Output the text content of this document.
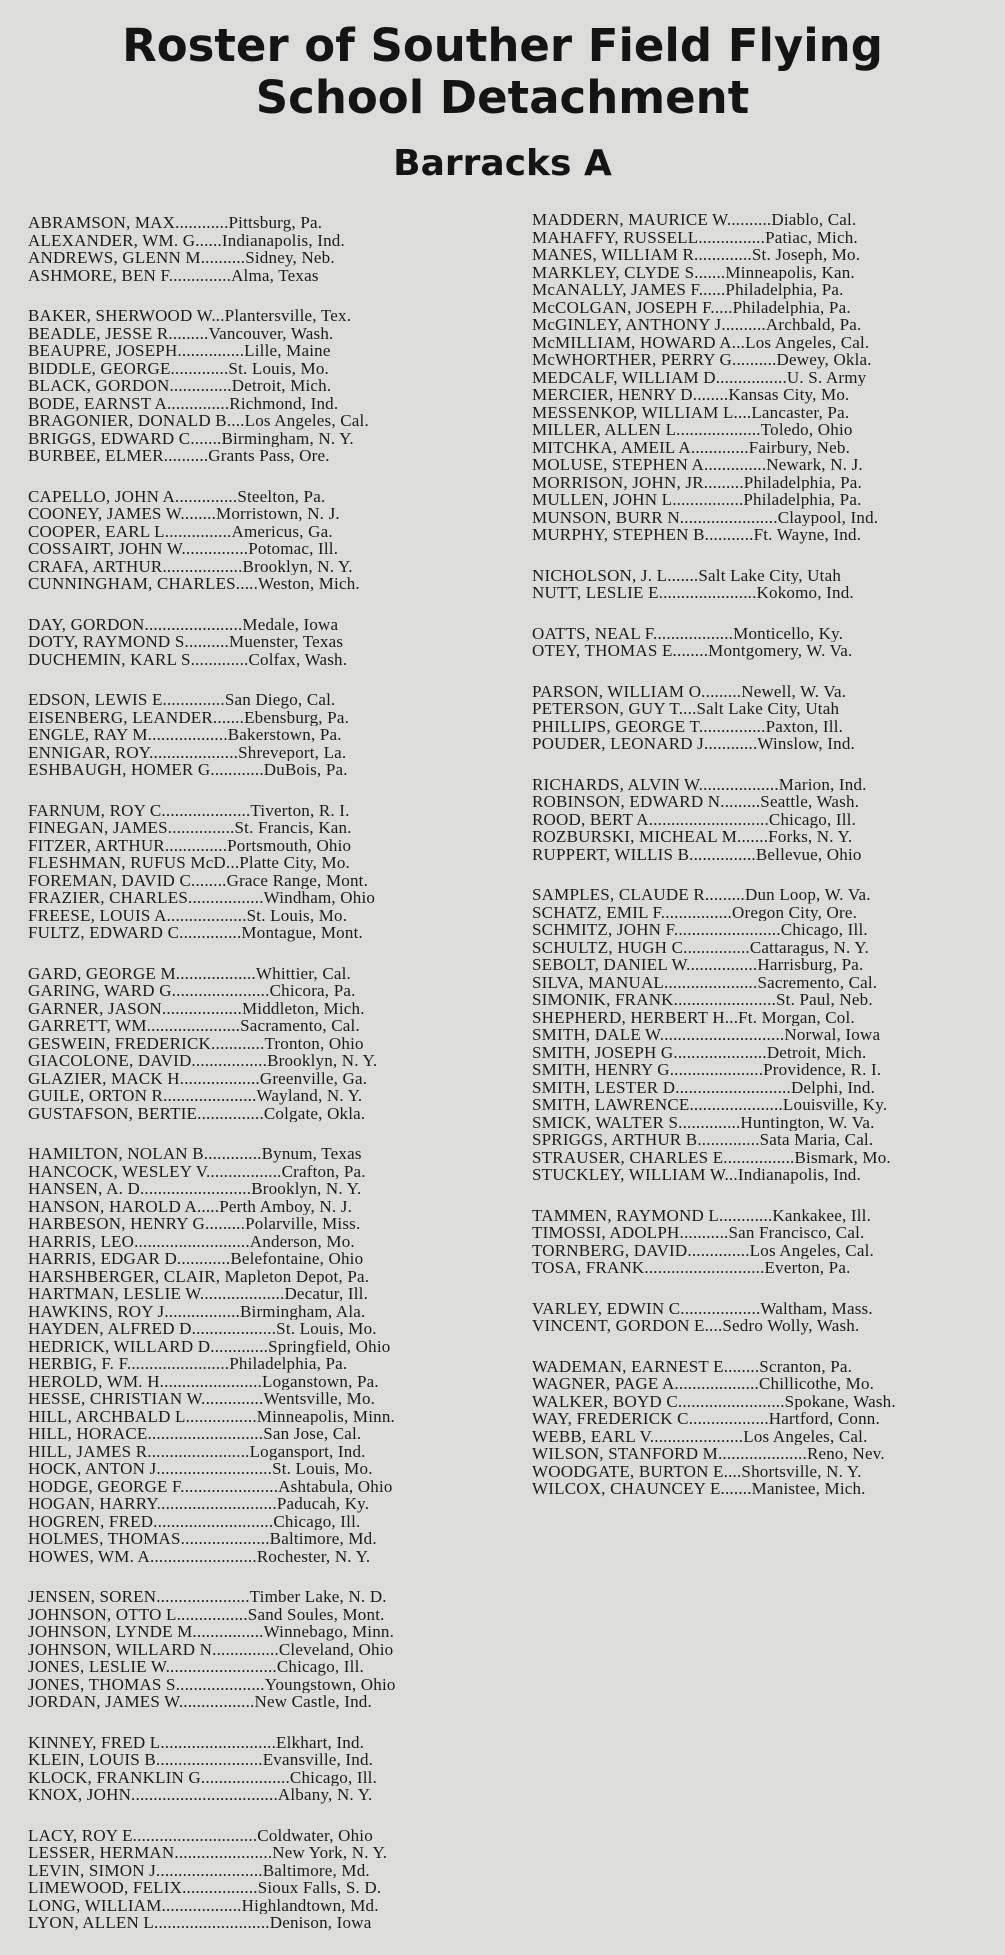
Roster of Souther Field Flying
School Detachment
Barracks A
ABRAMSON, MAX............Pittsburg, Pa.
ALEXANDER, WM. G......Indianapolis, Ind.
ANDREWS, GLENN M..........Sidney, Neb.
ASHMORE, BEN F..............Alma, Texas
BAKER, SHERWOOD W...Plantersville, Tex.
BEADLE, JESSE R.........Vancouver, Wash.
BEAUPRE, JOSEPH...............Lille, Maine
BIDDLE, GEORGE.............St. Louis, Mo.
BLACK, GORDON..............Detroit, Mich.
BODE, EARNST A..............Richmond, Ind.
BRAGONIER, DONALD B....Los Angeles, Cal.
BRIGGS, EDWARD C.......Birmingham, N. Y.
BURBEE, ELMER..........Grants Pass, Ore.
CAPELLO, JOHN A..............Steelton, Pa.
COONEY, JAMES W........Morristown, N. J.
COOPER, EARL L...............Americus, Ga.
COSSAIRT, JOHN W...............Potomac, Ill.
CRAFA, ARTHUR..................Brooklyn, N. Y.
CUNNINGHAM, CHARLES.....Weston, Mich.
DAY, GORDON......................Medale, Iowa
DOTY, RAYMOND S..........Muenster, Texas
DUCHEMIN, KARL S.............Colfax, Wash.
EDSON, LEWIS E..............San Diego, Cal.
EISENBERG, LEANDER.......Ebensburg, Pa.
ENGLE, RAY M..................Bakerstown, Pa.
ENNIGAR, ROY....................Shreveport, La.
ESHBAUGH, HOMER G............DuBois, Pa.
FARNUM, ROY C....................Tiverton, R. I.
FINEGAN, JAMES...............St. Francis, Kan.
FITZER, ARTHUR..............Portsmouth, Ohio
FLESHMAN, RUFUS McD...Platte City, Mo.
FOREMAN, DAVID C........Grace Range, Mont.
FRAZIER, CHARLES.................Windham, Ohio
FREESE, LOUIS A..................St. Louis, Mo.
FULTZ, EDWARD C..............Montague, Mont.
GARD, GEORGE M..................Whittier, Cal.
GARING, WARD G......................Chicora, Pa.
GARNER, JASON..................Middleton, Mich.
GARRETT, WM.....................Sacramento, Cal.
GESWEIN, FREDERICK............Tronton, Ohio
GIACOLONE, DAVID.................Brooklyn, N. Y.
GLAZIER, MACK H..................Greenville, Ga.
GUILE, ORTON R.....................Wayland, N. Y.
GUSTAFSON, BERTIE...............Colgate, Okla.
HAMILTON, NOLAN B.............Bynum, Texas
HANCOCK, WESLEY V.................Crafton, Pa.
HANSEN, A. D.........................Brooklyn, N. Y.
HANSON, HAROLD A.....Perth Amboy, N. J.
HARBESON, HENRY G.........Polarville, Miss.
HARRIS, LEO..........................Anderson, Mo.
HARRIS, EDGAR D............Belefontaine, Ohio
HARSHBERGER, CLAIR, Mapleton Depot, Pa.
HARTMAN, LESLIE W...................Decatur, Ill.
HAWKINS, ROY J.................Birmingham, Ala.
HAYDEN, ALFRED D...................St. Louis, Mo.
HEDRICK, WILLARD D.............Springfield, Ohio
HERBIG, F. F.......................Philadelphia, Pa.
HEROLD, WM. H.......................Loganstown, Pa.
HESSE, CHRISTIAN W..............Wentsville, Mo.
HILL, ARCHBALD L................Minneapolis, Minn.
HILL, HORACE..........................San Jose, Cal.
HILL, JAMES R.......................Logansport, Ind.
HOCK, ANTON J..........................St. Louis, Mo.
HODGE, GEORGE F......................Ashtabula, Ohio
HOGAN, HARRY...........................Paducah, Ky.
HOGREN, FRED...........................Chicago, Ill.
HOLMES, THOMAS....................Baltimore, Md.
HOWES, WM. A........................Rochester, N. Y.
JENSEN, SOREN.....................Timber Lake, N. D.
JOHNSON, OTTO L................Sand Soules, Mont.
JOHNSON, LYNDE M................Winnebago, Minn.
JOHNSON, WILLARD N...............Cleveland, Ohio
JONES, LESLIE W.........................Chicago, Ill.
JONES, THOMAS S....................Youngstown, Ohio
JORDAN, JAMES W.................New Castle, Ind.
KINNEY, FRED L..........................Elkhart, Ind.
KLEIN, LOUIS B........................Evansville, Ind.
KLOCK, FRANKLIN G....................Chicago, Ill.
KNOX, JOHN.................................Albany, N. Y.
LACY, ROY E............................Coldwater, Ohio
LESSER, HERMAN......................New York, N. Y.
LEVIN, SIMON J........................Baltimore, Md.
LIMEWOOD, FELIX.................Sioux Falls, S. D.
LONG, WILLIAM..................Highlandtown, Md.
LYON, ALLEN L..........................Denison, Iowa
MADDERN, MAURICE W..........Diablo, Cal.
MAHAFFY, RUSSELL...............Patiac, Mich.
MANES, WILLIAM R.............St. Joseph, Mo.
MARKLEY, CLYDE S.......Minneapolis, Kan.
McANALLY, JAMES F......Philadelphia, Pa.
McCOLGAN, JOSEPH F.....Philadelphia, Pa.
McGINLEY, ANTHONY J..........Archbald, Pa.
McMILLIAM, HOWARD A...Los Angeles, Cal.
McWHORTHER, PERRY G..........Dewey, Okla.
MEDCALF, WILLIAM D................U. S. Army
MERCIER, HENRY D........Kansas City, Mo.
MESSENKOP, WILLIAM L....Lancaster, Pa.
MILLER, ALLEN L...................Toledo, Ohio
MITCHKA, AMEIL A.............Fairbury, Neb.
MOLUSE, STEPHEN A..............Newark, N. J.
MORRISON, JOHN, JR.........Philadelphia, Pa.
MULLEN, JOHN L................Philadelphia, Pa.
MUNSON, BURR N......................Claypool, Ind.
MURPHY, STEPHEN B...........Ft. Wayne, Ind.
NICHOLSON, J. L.......Salt Lake City, Utah
NUTT, LESLIE E......................Kokomo, Ind.
OATTS, NEAL F..................Monticello, Ky.
OTEY, THOMAS E........Montgomery, W. Va.
PARSON, WILLIAM O.........Newell, W. Va.
PETERSON, GUY T....Salt Lake City, Utah
PHILLIPS, GEORGE T...............Paxton, Ill.
POUDER, LEONARD J............Winslow, Ind.
RICHARDS, ALVIN W..................Marion, Ind.
ROBINSON, EDWARD N.........Seattle, Wash.
ROOD, BERT A...........................Chicago, Ill.
ROZBURSKI, MICHEAL M.......Forks, N. Y.
RUPPERT, WILLIS B...............Bellevue, Ohio
SAMPLES, CLAUDE R.........Dun Loop, W. Va.
SCHATZ, EMIL F................Oregon City, Ore.
SCHMITZ, JOHN F........................Chicago, Ill.
SCHULTZ, HUGH C...............Cattaragus, N. Y.
SEBOLT, DANIEL W................Harrisburg, Pa.
SILVA, MANUAL.....................Sacremento, Cal.
SIMONIK, FRANK.......................St. Paul, Neb.
SHEPHERD, HERBERT H...Ft. Morgan, Col.
SMITH, DALE W............................Norwal, Iowa
SMITH, JOSEPH G.....................Detroit, Mich.
SMITH, HENRY G.....................Providence, R. I.
SMITH, LESTER D..........................Delphi, Ind.
SMITH, LAWRENCE.....................Louisville, Ky.
SMICK, WALTER S..............Huntington, W. Va.
SPRIGGS, ARTHUR B..............Sata Maria, Cal.
STRAUSER, CHARLES E................Bismark, Mo.
STUCKLEY, WILLIAM W...Indianapolis, Ind.
TAMMEN, RAYMOND L............Kankakee, Ill.
TIMOSSI, ADOLPH...........San Francisco, Cal.
TORNBERG, DAVID..............Los Angeles, Cal.
TOSA, FRANK...........................Everton, Pa.
VARLEY, EDWIN C..................Waltham, Mass.
VINCENT, GORDON E....Sedro Wolly, Wash.
WADEMAN, EARNEST E........Scranton, Pa.
WAGNER, PAGE A...................Chillicothe, Mo.
WALKER, BOYD C........................Spokane, Wash.
WAY, FREDERICK C..................Hartford, Conn.
WEBB, EARL V.....................Los Angeles, Cal.
WILSON, STANFORD M....................Reno, Nev.
WOODGATE, BURTON E....Shortsville, N. Y.
WILCOX, CHAUNCEY E.......Manistee, Mich.
